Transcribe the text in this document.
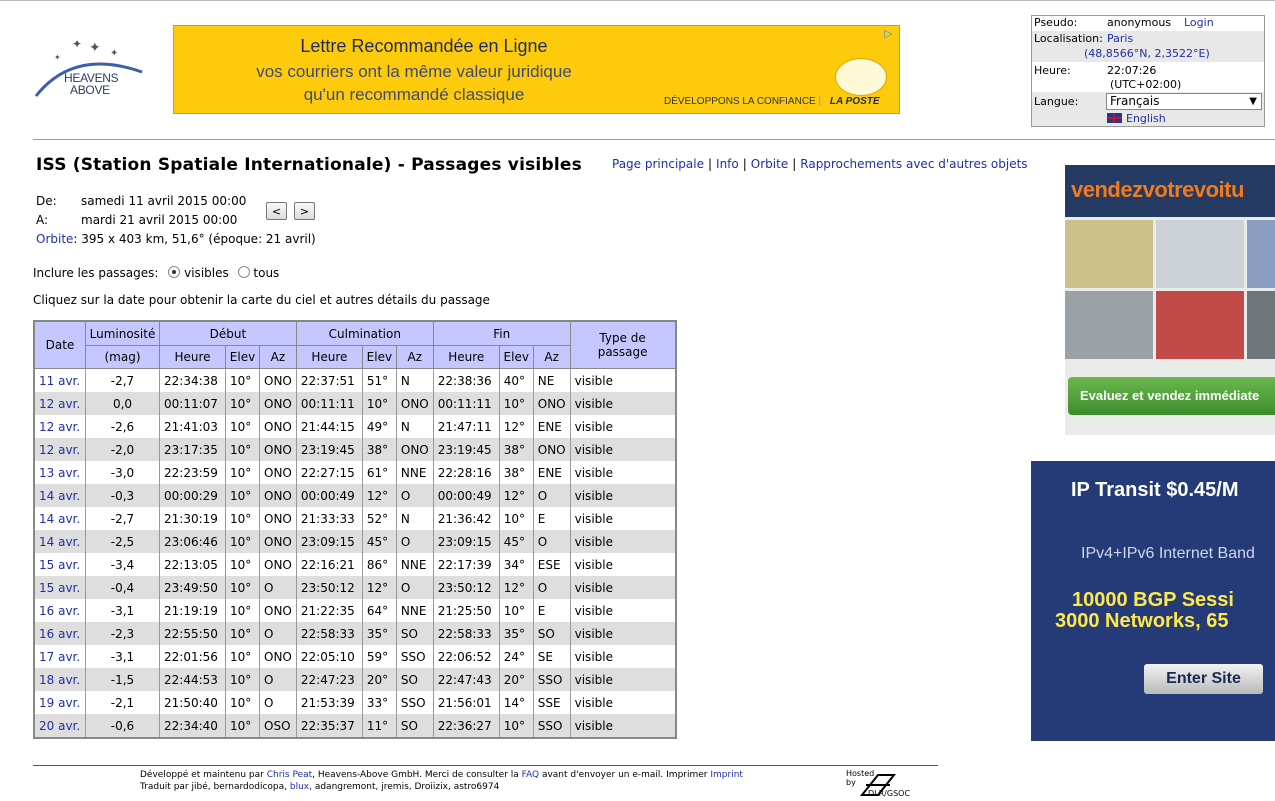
✦ ✦ ✦
✦
HEAVENS
ABOVE
Lettre Recommandée en Ligne
vos courriers ont la même valeur juridique
qu'un recommandé classique	DÉVELOPPONS LA CONFIANCE | LA POSTE
▷
Pseudo:	anonymous Login
Localisation: Paris
(48,8566°N, 2,3522°E)
Heure:	22:07:26
(UTC+02:00)
Langue:	Français	▼
English
ISS (Station Spatiale Internationale) - Passages visibles	Page principale | Info | Orbite | Rapprochements avec d'autres objets
De: samedi 11 avril 2015 00:00
A:	mardi 21 avril 2015 00:00
<	>
Orbite: 395 x 403 km, 51,6° (époque: 21 avril)
Inclure les passages: visibles tous
Cliquez sur la date pour obtenir la carte du ciel et autres détails du passage
Date	Luminosité	Début			Culmination			Fin			Type de passage
	(mag)	Heure	Elev	Az	Heure	Elev	Az	Heure	Elev	Az	
11 avr.	-2,7	22:34:38	10°	ONO	22:37:51	51°	N	22:38:36	40°	NE	visible
12 avr.	0,0	00:11:07	10°	ONO	00:11:11	10°	ONO	00:11:11	10°	ONO	visible
12 avr.	-2,6	21:41:03	10°	ONO	21:44:15	49°	N	21:47:11	12°	ENE	visible
12 avr.	-2,0	23:17:35	10°	ONO	23:19:45	38°	ONO	23:19:45	38°	ONO	visible
13 avr.	-3,0	22:23:59	10°	ONO	22:27:15	61°	NNE	22:28:16	38°	ENE	visible
14 avr.	-0,3	00:00:29	10°	ONO	00:00:49	12°	O	00:00:49	12°	O	visible
14 avr.	-2,7	21:30:19	10°	ONO	21:33:33	52°	N	21:36:42	10°	E	visible
14 avr.	-2,5	23:06:46	10°	ONO	23:09:15	45°	O	23:09:15	45°	O	visible
15 avr.	-3,4	22:13:05	10°	ONO	22:16:21	86°	NNE	22:17:39	34°	ESE	visible
15 avr.	-0,4	23:49:50	10°	O	23:50:12	12°	O	23:50:12	12°	O	visible
16 avr.	-3,1	21:19:19	10°	ONO	21:22:35	64°	NNE	21:25:50	10°	E	visible
16 avr.	-2,3	22:55:50	10°	O	22:58:33	35°	SO	22:58:33	35°	SO	visible
17 avr.	-3,1	22:01:56	10°	ONO	22:05:10	59°	SSO	22:06:52	24°	SE	visible
18 avr.	-1,5	22:44:53	10°	O	22:47:23	20°	SO	22:47:43	20°	SSO	visible
19 avr.	-2,1	21:50:40	10°	O	21:53:39	33°	SSO	21:56:01	14°	SSE	visible
20 avr.	-0,6	22:34:40	10°	OSO	22:35:37	11°	SO	22:36:27	10°	SSO	visible
vendezvotrevoitu
Evaluez et vendez immédiate
IP Transit $0.45/M
IPv4+IPv6 Internet Band
10000 BGP Sessi
3000 Networks, 65
Enter Site
Développé et maintenu par Chris Peat, Heavens-Above GmbH. Merci de consulter la FAQ avant d'envoyer un e-mail. Imprimer Imprint
Traduit par jibé, bernardodicopa, blux, adangremont, jremis, Droiizix, astro6974
Hosted
by
DLR/GSOC
